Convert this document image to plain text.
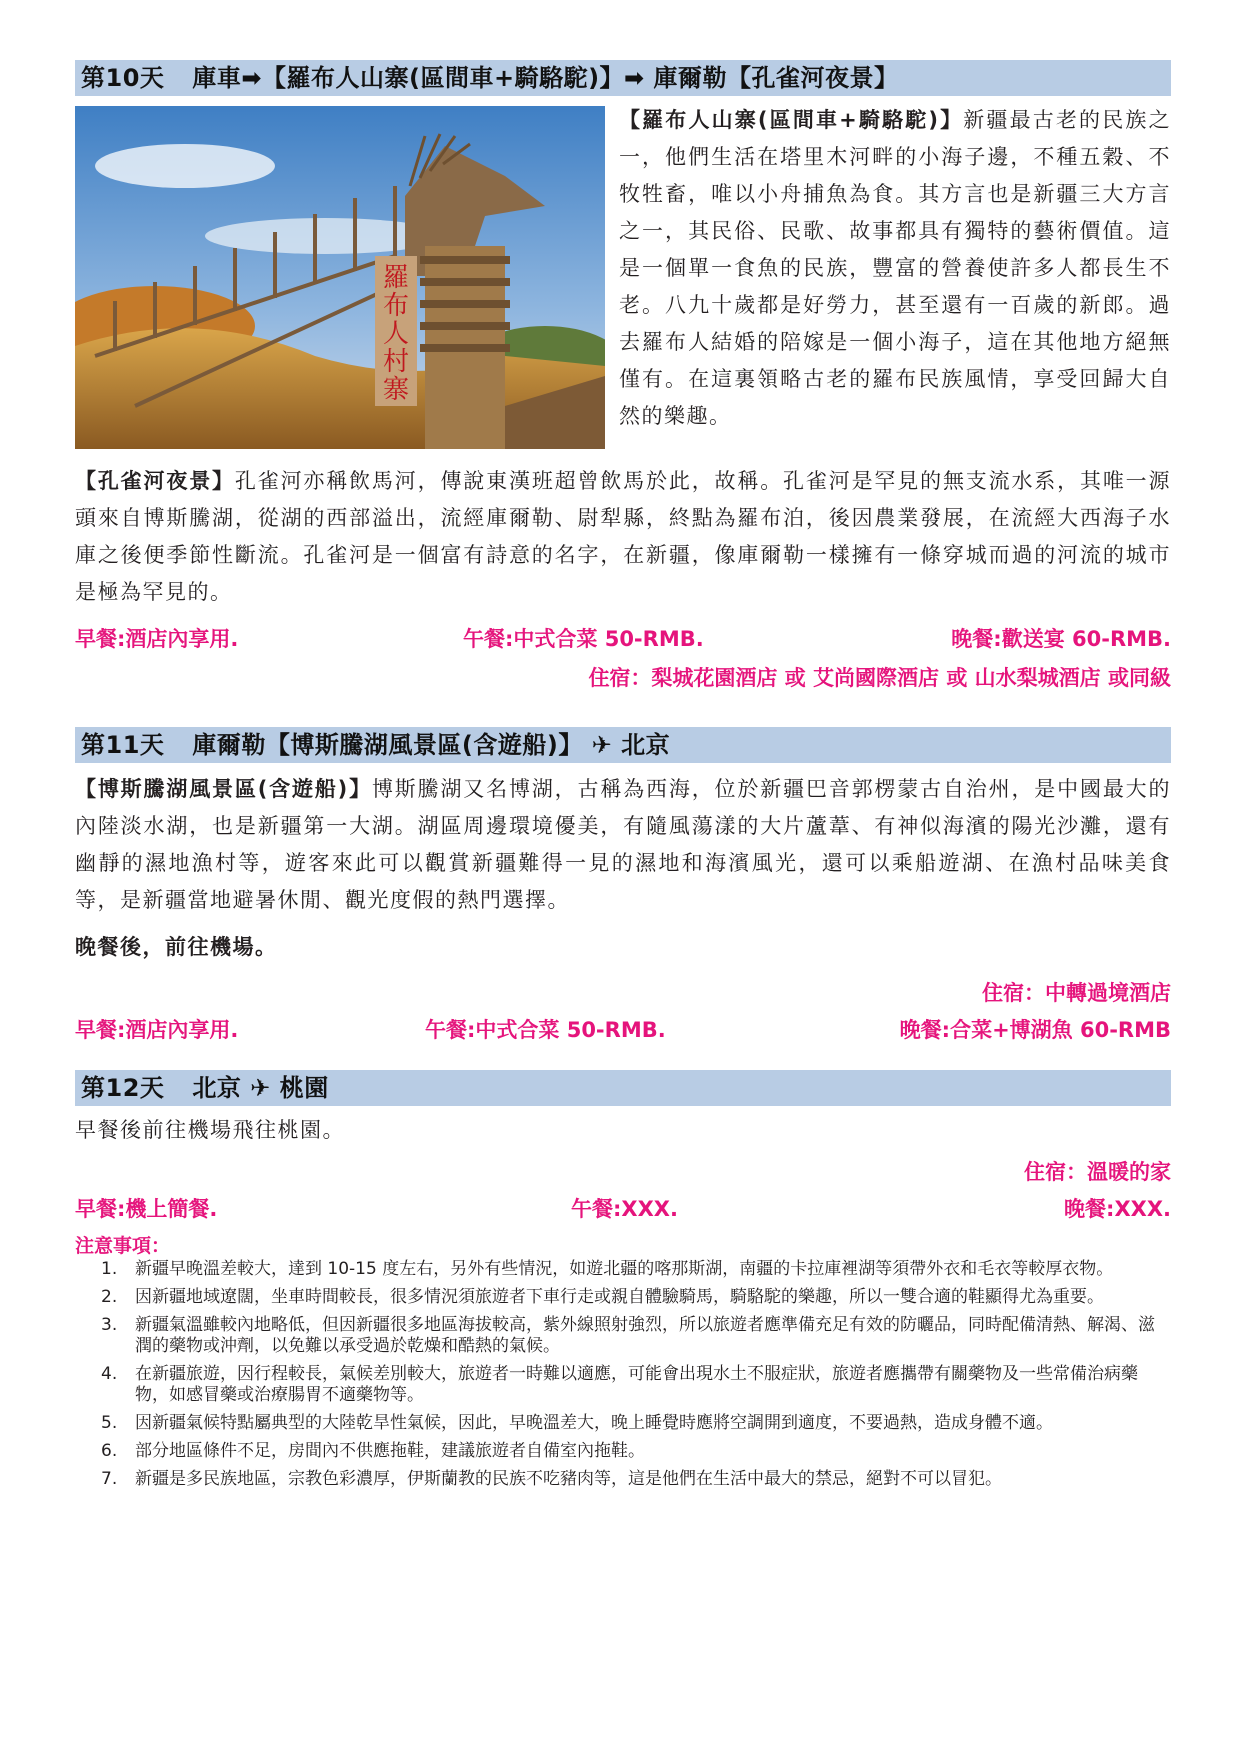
第10天 庫車➡【羅布人山寨(區間車+騎駱駝)】➡ 庫爾勒【孔雀河夜景】
羅
布
人
村
寨

【羅布人山寨(區間車+騎駱駝)】新疆最古老的民族之一，他們生活在塔里木河畔的小海子邊，不種五穀、不牧牲畜，唯以小舟捕魚為食。其方言也是新疆三大方言之一，其民俗、民歌、故事都具有獨特的藝術價值。這是一個單一食魚的民族，豐富的營養使許多人都長生不老。八九十歲都是好勞力，甚至還有一百歲的新郎。過去羅布人結婚的陪嫁是一個小海子，這在其他地方絕無僅有。在這裏領略古老的羅布民族風情，享受回歸大自然的樂趣。

【孔雀河夜景】孔雀河亦稱飲馬河，傳說東漢班超曾飲馬於此，故稱。孔雀河是罕見的無支流水系，其唯一源頭來自博斯騰湖，從湖的西部溢出，流經庫爾勒、尉犁縣，終點為羅布泊，後因農業發展，在流經大西海子水庫之後便季節性斷流。孔雀河是一個富有詩意的名字，在新疆，像庫爾勒一樣擁有一條穿城而過的河流的城市是極為罕見的。

早餐:酒店內享用.	午餐:中式合菜 50-RMB.	晚餐:歡送宴 60-RMB.
住宿：梨城花園酒店 或 艾尚國際酒店 或 山水梨城酒店 或同級
第11天 庫爾勒【博斯騰湖風景區(含遊船)】 ✈ 北京

【博斯騰湖風景區(含遊船)】博斯騰湖又名博湖，古稱為西海，位於新疆巴音郭楞蒙古自治州，是中國最大的內陸淡水湖，也是新疆第一大湖。湖區周邊環境優美，有隨風蕩漾的大片蘆葦、有神似海濱的陽光沙灘，還有幽靜的濕地漁村等，遊客來此可以觀賞新疆難得一見的濕地和海濱風光，還可以乘船遊湖、在漁村品味美食等，是新疆當地避暑休閒、觀光度假的熱門選擇。

晚餐後，前往機場。

住宿：中轉過境酒店
早餐:酒店內享用.	午餐:中式合菜 50-RMB.	晚餐:合菜+博湖魚 60-RMB
第12天 北京 ✈ 桃園

早餐後前往機場飛往桃園。

住宿：溫暖的家
早餐:機上簡餐.	午餐:XXX.	晚餐:XXX.

注意事項：

1. 新疆早晚溫差較大，達到 10-15 度左右，另外有些情況，如遊北疆的喀那斯湖，南疆的卡拉庫裡湖等須帶外衣和毛衣等較厚衣物。
2. 因新疆地域遼闊，坐車時間較長，很多情況須旅遊者下車行走或親自體驗騎馬，騎駱駝的樂趣，所以一雙合適的鞋顯得尤為重要。
3. 新疆氣溫雖較內地略低，但因新疆很多地區海拔較高，紫外線照射強烈，所以旅遊者應準備充足有效的防曬品，同時配備清熱、解渴、滋潤的藥物或沖劑，以免難以承受過於乾燥和酷熱的氣候。
4. 在新疆旅遊，因行程較長，氣候差別較大，旅遊者一時難以適應，可能會出現水土不服症狀，旅遊者應攜帶有關藥物及一些常備治病藥物，如感冒藥或治療腸胃不適藥物等。
5. 因新疆氣候特點屬典型的大陸乾旱性氣候，因此，早晚溫差大，晚上睡覺時應將空調開到適度，不要過熱，造成身體不適。
6. 部分地區條件不足，房間內不供應拖鞋，建議旅遊者自備室內拖鞋。
7. 新疆是多民族地區，宗教色彩濃厚，伊斯蘭教的民族不吃豬肉等，這是他們在生活中最大的禁忌，絕對不可以冒犯。
